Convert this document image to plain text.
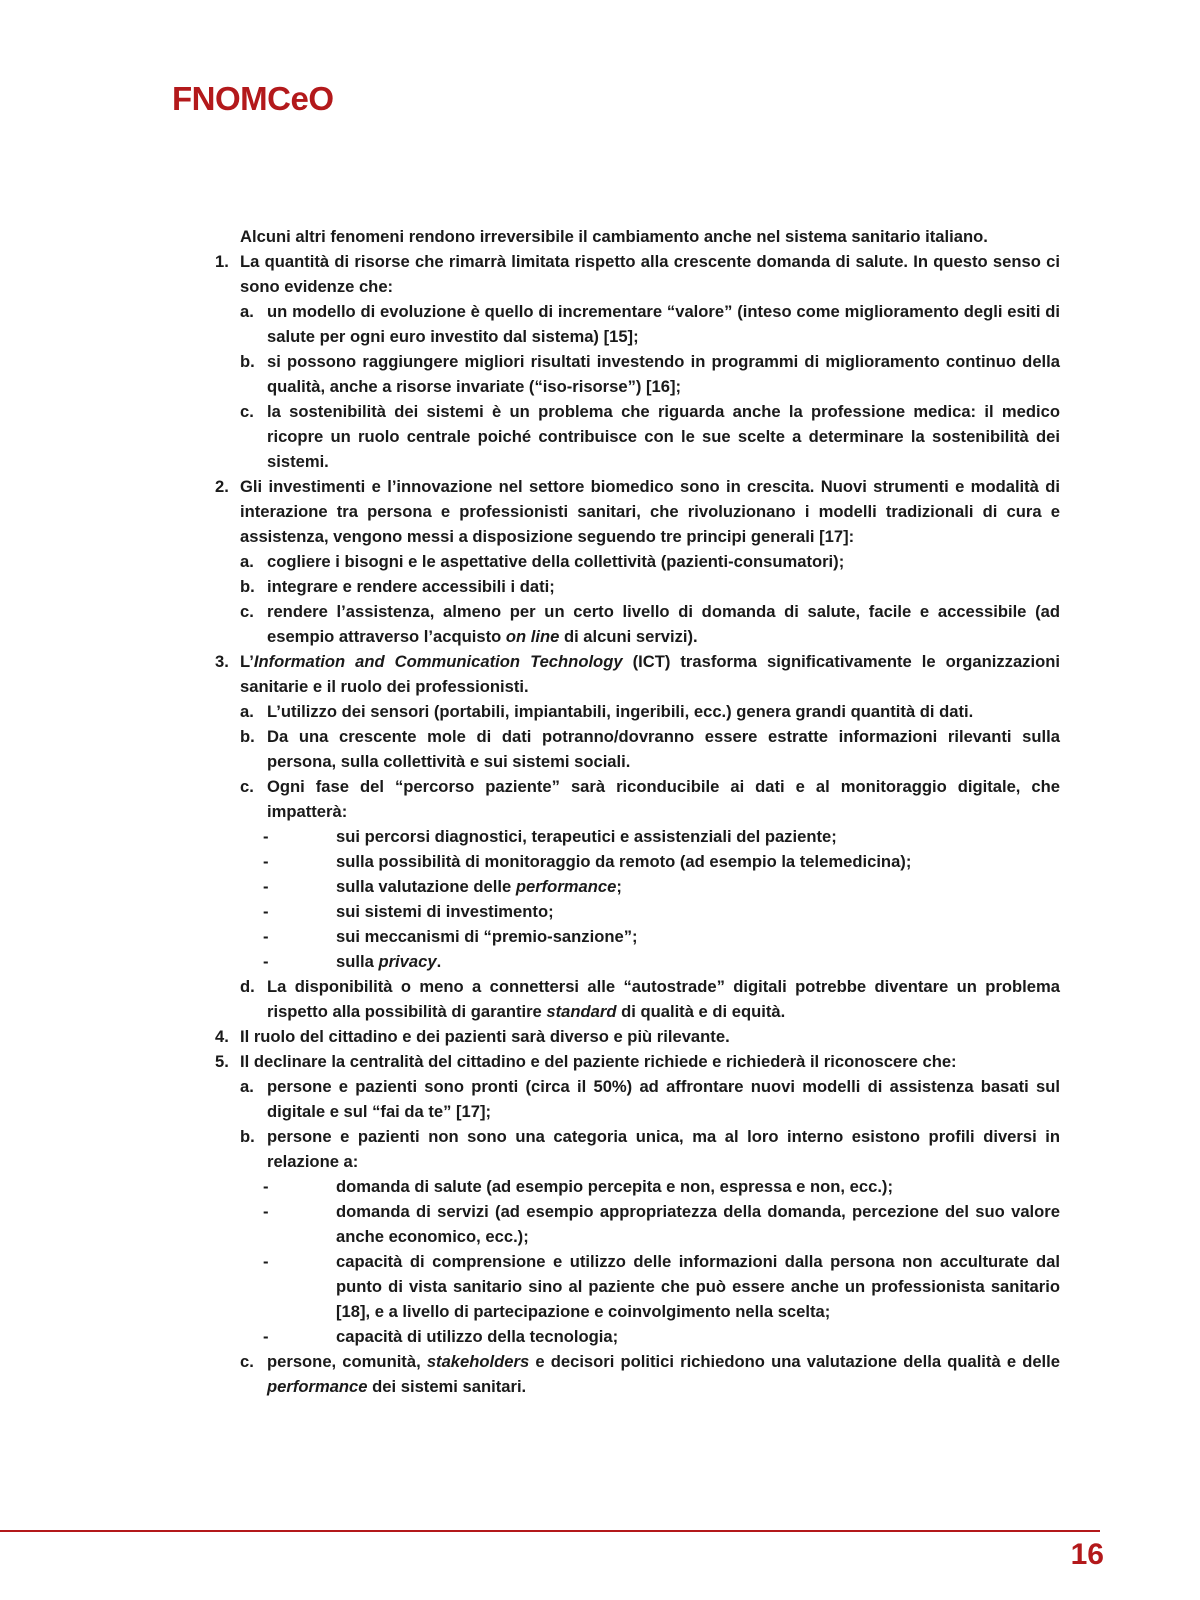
FNOMCeO

Alcuni altri fenomeni rendono irreversibile il cambiamento anche nel sistema sanitario italiano.

1. La quantità di risorse che rimarrà limitata rispetto alla crescente domanda di salute. In questo senso ci sono evidenze che:

a. un modello di evoluzione è quello di incrementare “valore” (inteso come miglioramento degli esiti di salute per ogni euro investito dal sistema) [15];

b. si possono raggiungere migliori risultati investendo in programmi di miglioramento continuo della qualità, anche a risorse invariate (“iso-risorse”) [16];

c. la sostenibilità dei sistemi è un problema che riguarda anche la professione medica: il medico ricopre un ruolo centrale poiché contribuisce con le sue scelte a determinare la sostenibilità dei sistemi.

2. Gli investimenti e l’innovazione nel settore biomedico sono in crescita. Nuovi strumenti e modalità di interazione tra persona e professionisti sanitari, che rivoluzionano i modelli tradizionali di cura e assistenza, vengono messi a disposizione seguendo tre principi generali [17]:

a. cogliere i bisogni e le aspettative della collettività (pazienti-consumatori);

b. integrare e rendere accessibili i dati;

c. rendere l’assistenza, almeno per un certo livello di domanda di salute, facile e accessibile (ad esempio attraverso l’acquisto on line di alcuni servizi).

3. L’Information and Communication Technology (ICT) trasforma significativamente le organizzazioni sanitarie e il ruolo dei professionisti.

a. L’utilizzo dei sensori (portabili, impiantabili, ingeribili, ecc.) genera grandi quantità di dati.

b. Da una crescente mole di dati potranno/dovranno essere estratte informazioni rilevanti sulla persona, sulla collettività e sui sistemi sociali.

c. Ogni fase del “percorso paziente” sarà riconducibile ai dati e al monitoraggio digitale, che impatterà:

-	sui percorsi diagnostici, terapeutici e assistenziali del paziente;

-	sulla possibilità di monitoraggio da remoto (ad esempio la telemedicina);

-	sulla valutazione delle performance;

-	sui sistemi di investimento;

-	sui meccanismi di “premio-sanzione”;

-	sulla privacy.

d. La disponibilità o meno a connettersi alle “autostrade” digitali potrebbe diventare un problema rispetto alla possibilità di garantire standard di qualità e di equità.

4. Il ruolo del cittadino e dei pazienti sarà diverso e più rilevante.

5. Il declinare la centralità del cittadino e del paziente richiede e richiederà il riconoscere che:

a. persone e pazienti sono pronti (circa il 50%) ad affrontare nuovi modelli di assistenza basati sul digitale e sul “fai da te” [17];

b. persone e pazienti non sono una categoria unica, ma al loro interno esistono profili diversi in relazione a:

-	domanda di salute (ad esempio percepita e non, espressa e non, ecc.);

-	domanda di servizi (ad esempio appropriatezza della domanda, percezione del suo valore anche economico, ecc.);

-	capacità di comprensione e utilizzo delle informazioni dalla persona non acculturate dal punto di vista sanitario sino al paziente che può essere anche un professionista sanitario [18], e a livello di partecipazione e coinvolgimento nella scelta;

-	capacità di utilizzo della tecnologia;

c. persone, comunità, stakeholders e decisori politici richiedono una valutazione della qualità e delle performance dei sistemi sanitari.

16
